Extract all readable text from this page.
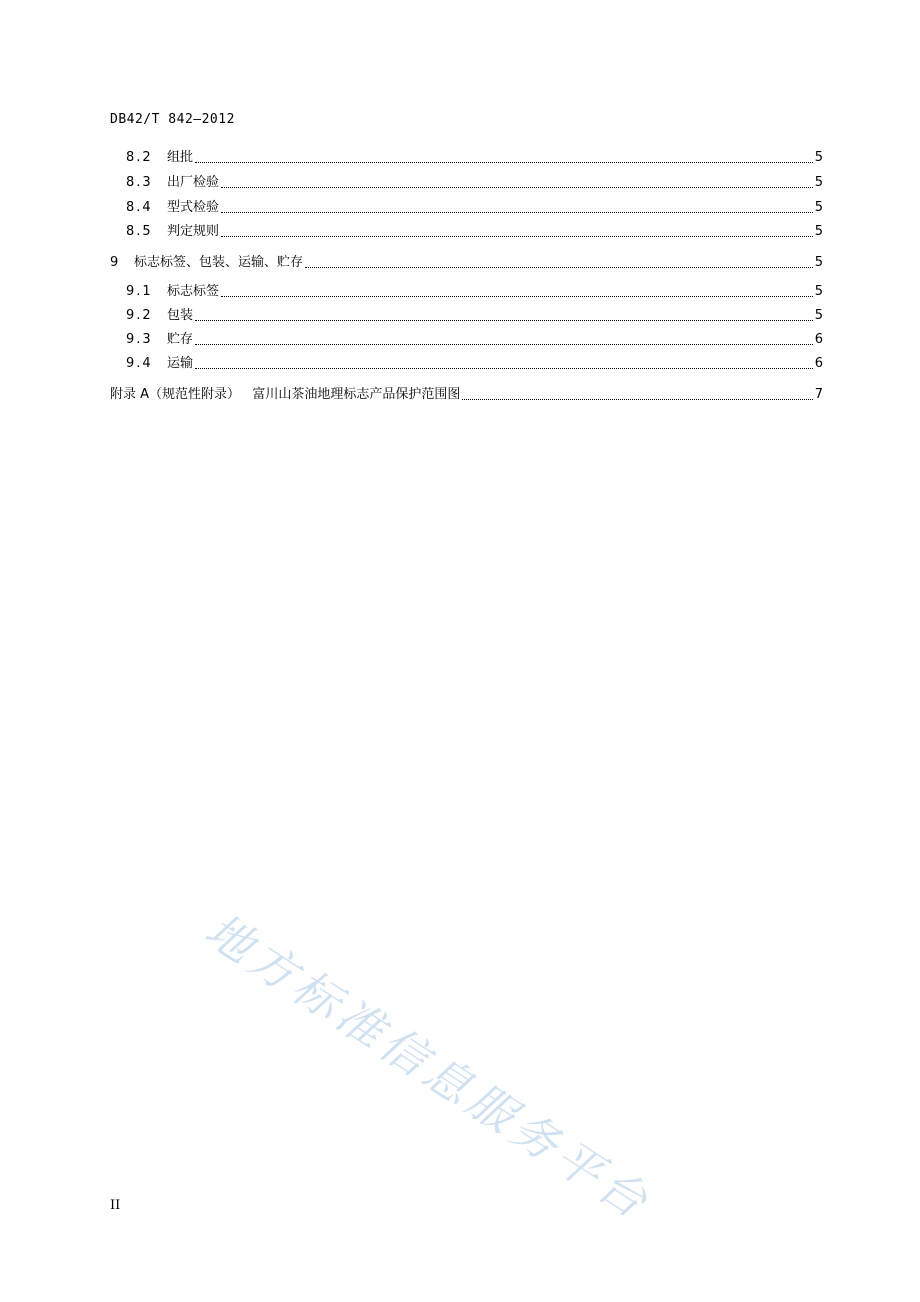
DB42/T 842—2012
8.2	组批	5
8.3	出厂检验	5
8.4	型式检验	5
8.5	判定规则	5
9	标志标签、包装、运输、贮存	5
9.1	标志标签	5
9.2	包装	5
9.3	贮存	6
9.4	运输	6
附录 A（规范性附录）   富川山茶油地理标志产品保护范围图	7
地方标准信息服务平台
II
